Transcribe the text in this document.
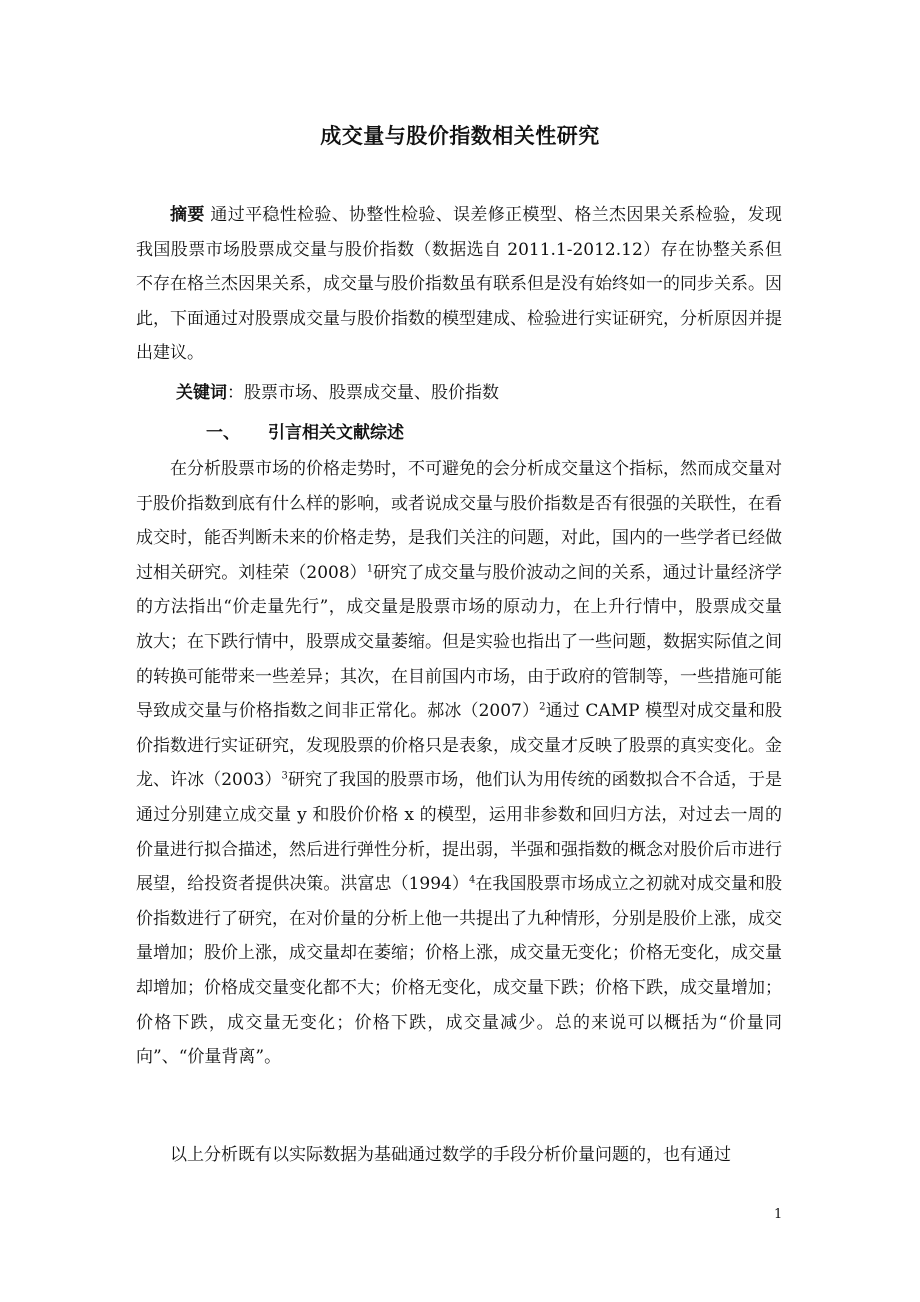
成交量与股价指数相关性研究
摘要 通过平稳性检验、协整性检验、误差修正模型、格兰杰因果关系检验，发现我国股票市场股票成交量与股价指数（数据选自 2011.1-2012.12）存在协整关系但不存在格兰杰因果关系，成交量与股价指数虽有联系但是没有始终如一的同步关系。因此，下面通过对股票成交量与股价指数的模型建成、检验进行实证研究，分析原因并提出建议。
关键词：股票市场、股票成交量、股价指数
一、 引言相关文献综述
在分析股票市场的价格走势时，不可避免的会分析成交量这个指标，然而成交量对于股价指数到底有什么样的影响，或者说成交量与股价指数是否有很强的关联性，在看成交时，能否判断未来的价格走势，是我们关注的问题，对此，国内的一些学者已经做过相关研究。刘桂荣$(2008)^1$研究了成交量与股价波动之间的关系，通过计量经济学的方法指出“价走量先行”，成交量是股票市场的原动力，在上升行情中，股票成交量放大；在下跌行情中，股票成交量萎缩。但是实验也指出了一些问题，数据实际值之间的转换可能带来一些差异；其次，在目前国内市场，由于政府的管制等，一些措施可能导致成交量与价格指数之间非正常化。郝冰$(2007)^2$通过 CAMP 模型对成交量和股价指数进行实证研究，发现股票的价格只是表象，成交量才反映了股票的真实变化。金龙、许冰$(2003)^3$研究了我国的股票市场，他们认为用传统的函数拟合不合适，于是通过分别建立成交量 y 和股价价格 x 的模型，运用非参数和回归方法，对过去一周的价量进行拟合描述，然后进行弹性分析，提出弱，半强和强指数的概念对股价后市进行展望，给投资者提供决策。洪富忠$(1994)^4$在我国股票市场成立之初就对成交量和股价指数进行了研究，在对价量的分析上他一共提出了九种情形，分别是股价上涨，成交量增加；股价上涨，成交量却在萎缩；价格上涨，成交量无变化；价格无变化，成交量却增加；价格成交量变化都不大；价格无变化，成交量下跌；价格下跌，成交量增加；价格下跌，成交量无变化；价格下跌，成交量减少。总的来说可以概括为“价量同向”、“价量背离”。
以上分析既有以实际数据为基础通过数学的手段分析价量问题的，也有通过
1
